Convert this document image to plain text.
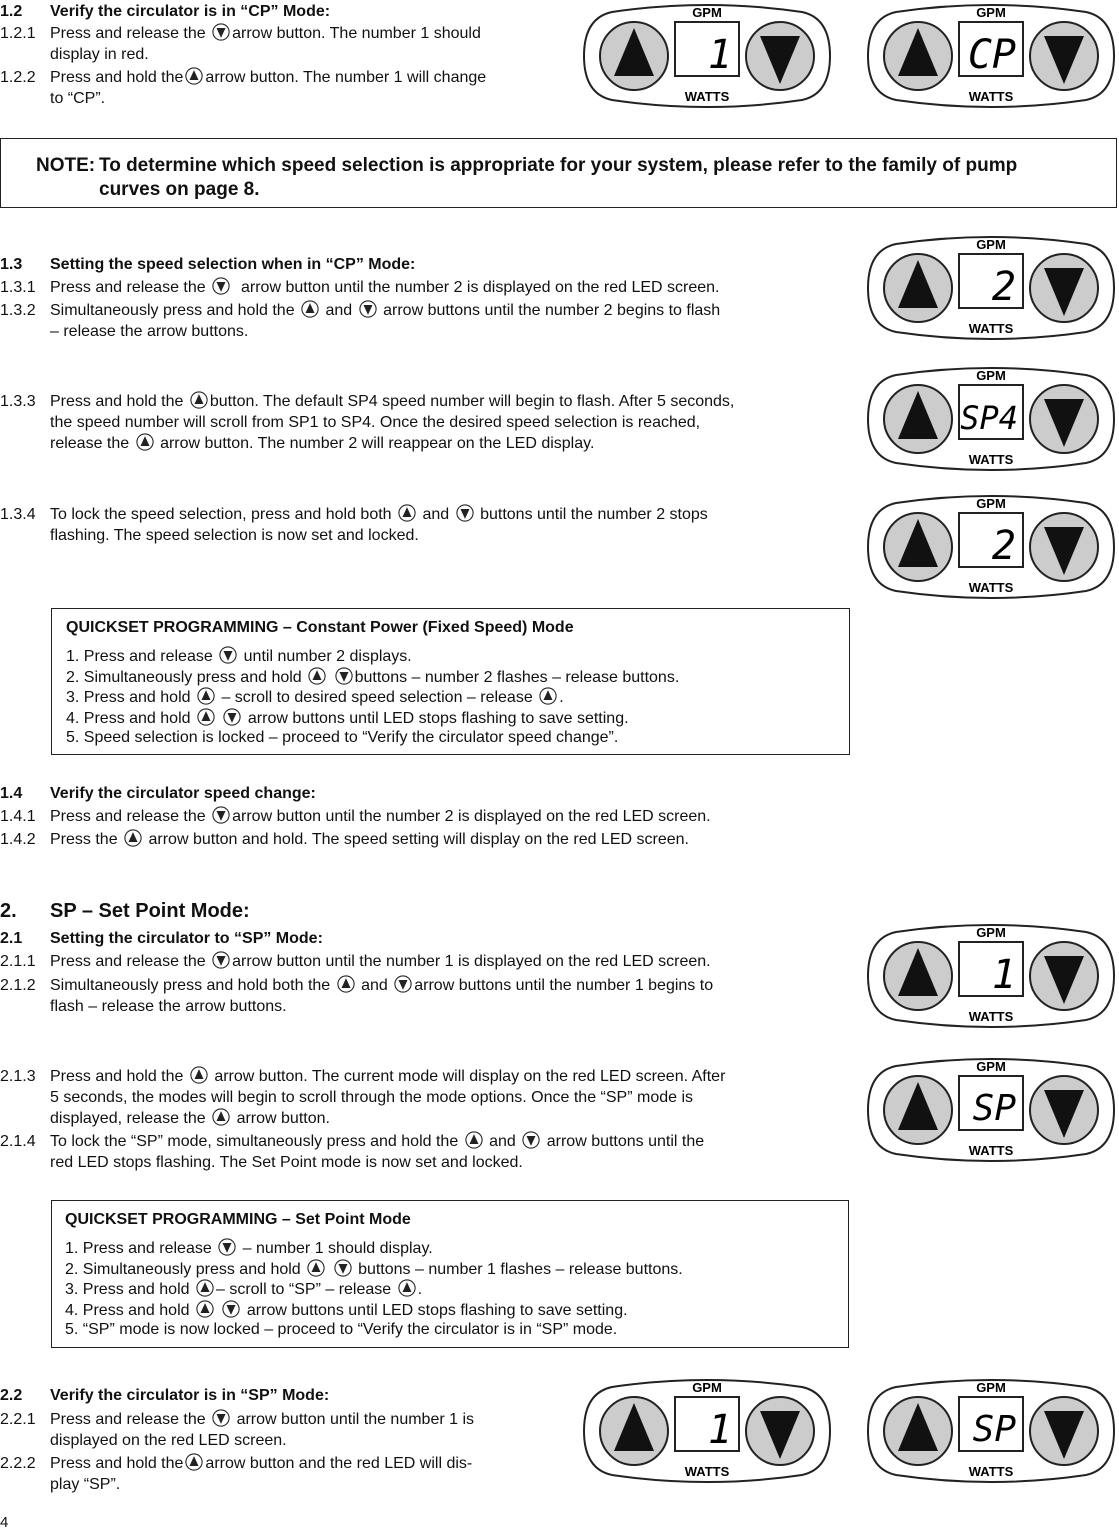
1.2 Verify the circulator is in “CP” Mode:
1.2.1 Press and release the arrow button. The number 1 should
display in red.
1.2.2 Press and hold the arrow button. The number 1 will change
to “CP”.
GPM
WATTS
1
GPM
WATTS
CP
NOTE: To determine which speed selection is appropriate for your system, please refer to the family of pump
curves on page 8.
1.3 Setting the speed selection when in “CP” Mode:
1.3.1 Press and release the arrow button until the number 2 is displayed on the red LED screen.
1.3.2 Simultaneously press and hold the and arrow buttons until the number 2 begins to flash
– release the arrow buttons.
1.3.3 Press and hold the button. The default SP4 speed number will begin to flash. After 5 seconds,
the speed number will scroll from SP1 to SP4. Once the desired speed selection is reached,
release the arrow button. The number 2 will reappear on the LED display.
1.3.4 To lock the speed selection, press and hold both and buttons until the number 2 stops
flashing. The speed selection is now set and locked.
GPM
WATTS
2
GPM
WATTS
SP4
GPM
WATTS
2
QUICKSET PROGRAMMING – Constant Power (Fixed Speed) Mode
1. Press and release until number 2 displays.
2. Simultaneously press and hold	buttons – number 2 flashes – release buttons.
3. Press and hold – scroll to desired speed selection – release .
4. Press and hold	arrow buttons until LED stops flashing to save setting.
5. Speed selection is locked – proceed to “Verify the circulator speed change”.
1.4 Verify the circulator speed change:
1.4.1 Press and release the arrow button until the number 2 is displayed on the red LED screen.
1.4.2 Press the arrow button and hold. The speed setting will display on the red LED screen.
2. SP – Set Point Mode:
2.1 Setting the circulator to “SP” Mode:
2.1.1 Press and release the arrow button until the number 1 is displayed on the red LED screen.
2.1.2 Simultaneously press and hold both the and arrow buttons until the number 1 begins to
flash – release the arrow buttons.
2.1.3 Press and hold the arrow button. The current mode will display on the red LED screen. After
5 seconds, the modes will begin to scroll through the mode options. Once the “SP” mode is
displayed, release the arrow button.
2.1.4 To lock the “SP” mode, simultaneously press and hold the and arrow buttons until the
red LED stops flashing. The Set Point mode is now set and locked.
GPM
WATTS
1
GPM
WATTS
SP
QUICKSET PROGRAMMING – Set Point Mode
1. Press and release – number 1 should display.
2. Simultaneously press and hold	buttons – number 1 flashes – release buttons.
3. Press and hold – scroll to “SP” – release .
4. Press and hold	arrow buttons until LED stops flashing to save setting.
5. “SP” mode is now locked – proceed to “Verify the circulator is in “SP” mode.
2.2 Verify the circulator is in “SP” Mode:
2.2.1 Press and release the arrow button until the number 1 is
displayed on the red LED screen.
2.2.2 Press and hold the arrow button and the red LED will dis-
play “SP”.
GPM
WATTS
1
GPM
WATTS
SP
4
